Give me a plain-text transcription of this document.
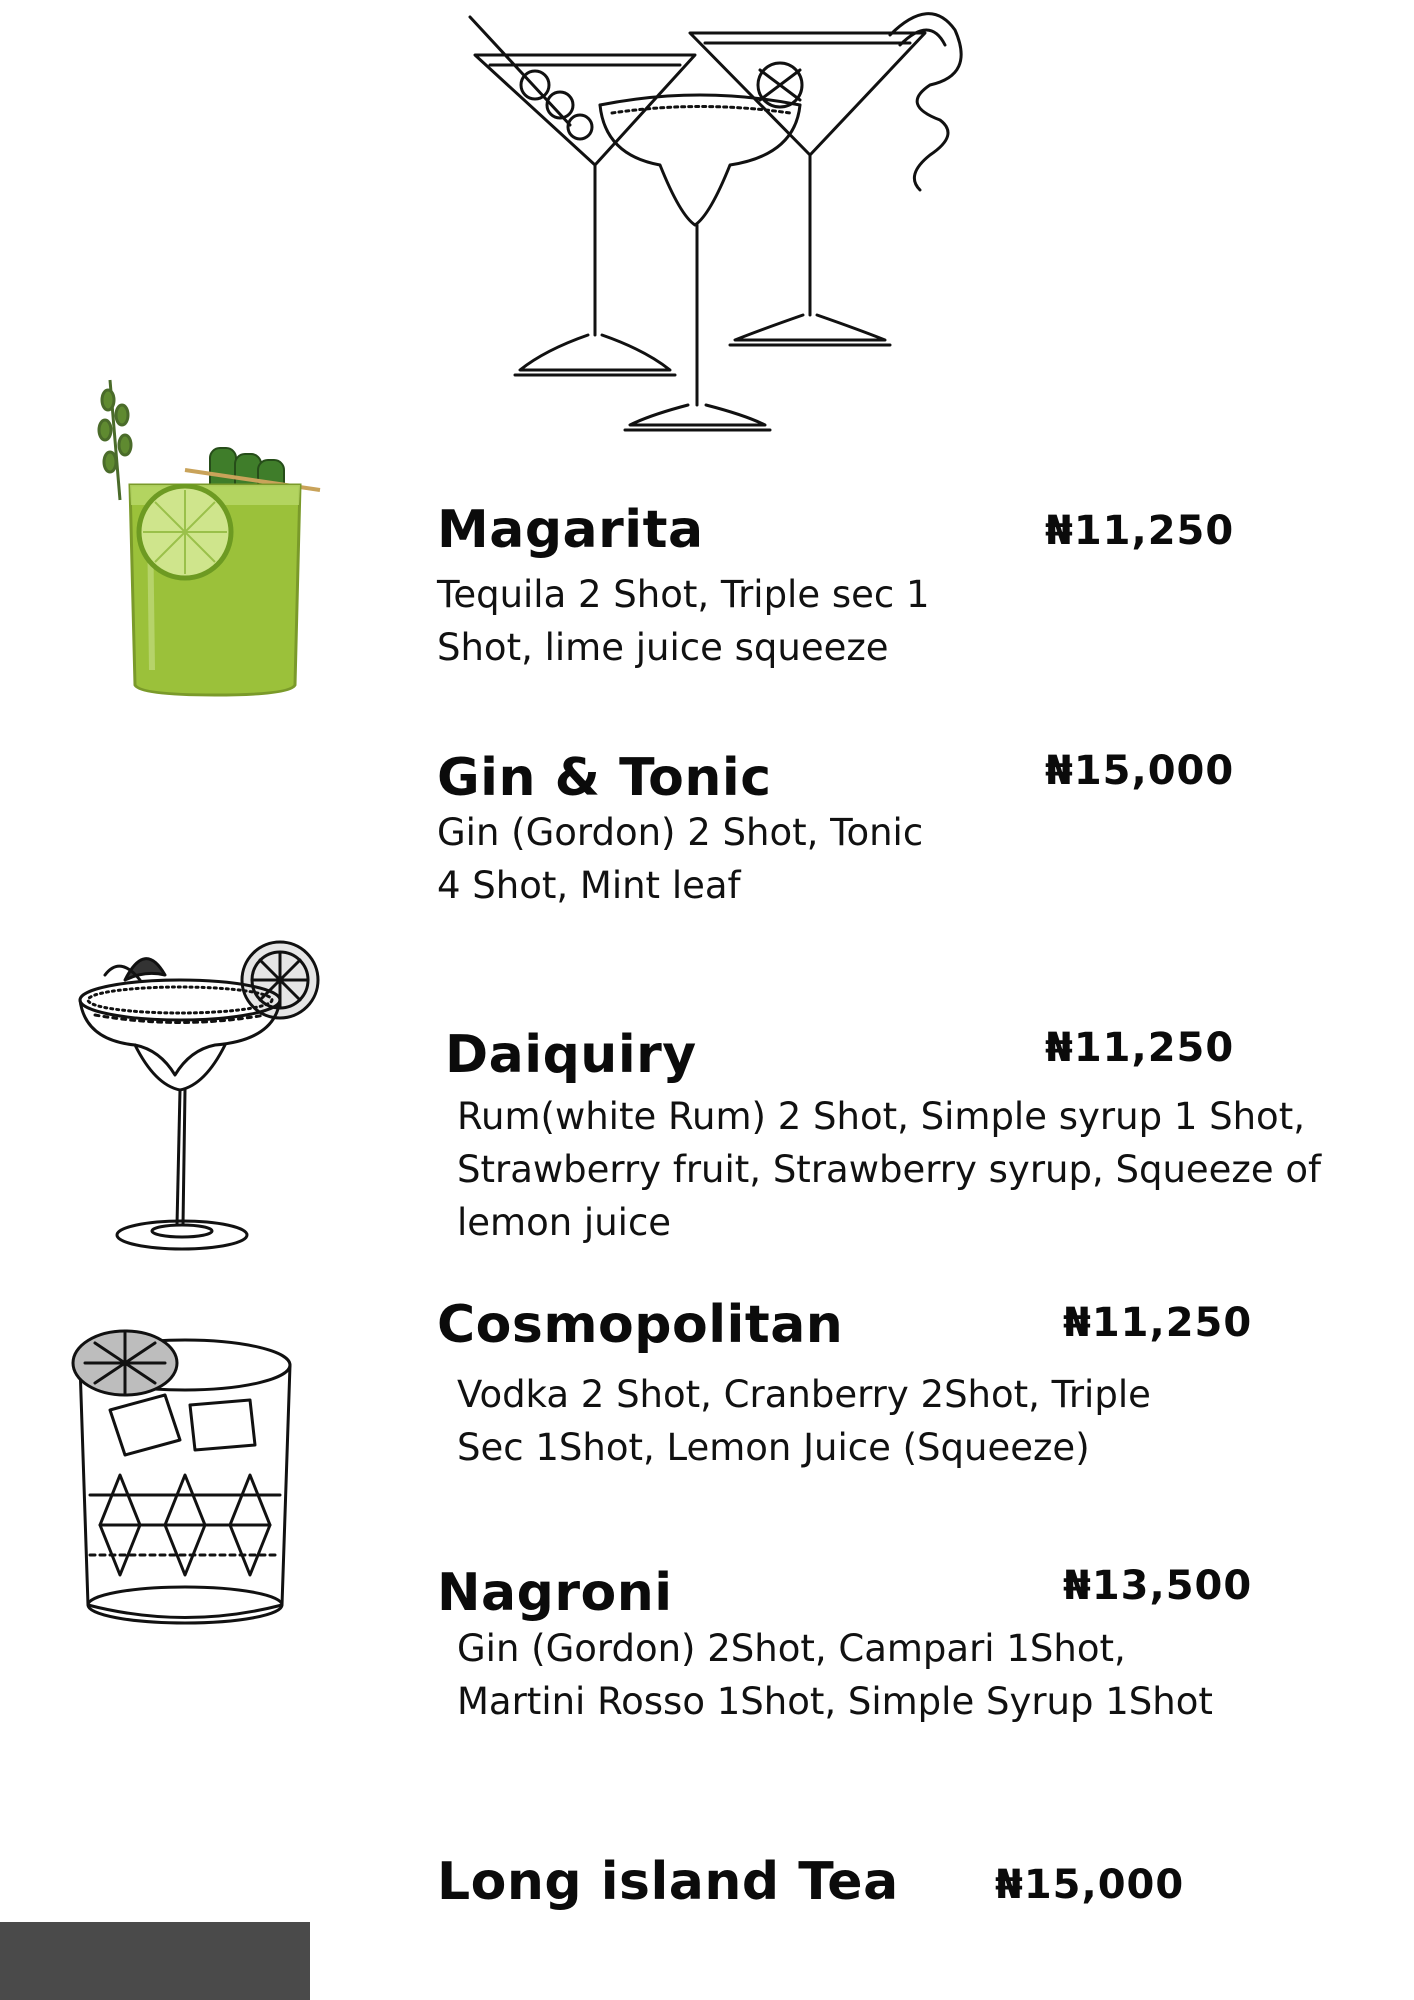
Magarita	₦11,250
Tequila 2 Shot, Triple sec 1 Shot, lime juice squeeze
Gin & Tonic	₦15,000
Gin (Gordon) 2 Shot, Tonic 4 Shot, Mint leaf
Daiquiry	₦11,250
Rum(white Rum) 2 Shot, Simple syrup 1 Shot, Strawberry fruit, Strawberry syrup, Squeeze of lemon juice
Cosmopolitan	₦11,250
Vodka 2 Shot, Cranberry 2Shot, Triple Sec 1Shot, Lemon Juice (Squeeze)
Nagroni	₦13,500
Gin (Gordon) 2Shot, Campari 1Shot, Martini Rosso 1Shot, Simple Syrup 1Shot
Long island Tea ₦15,000
